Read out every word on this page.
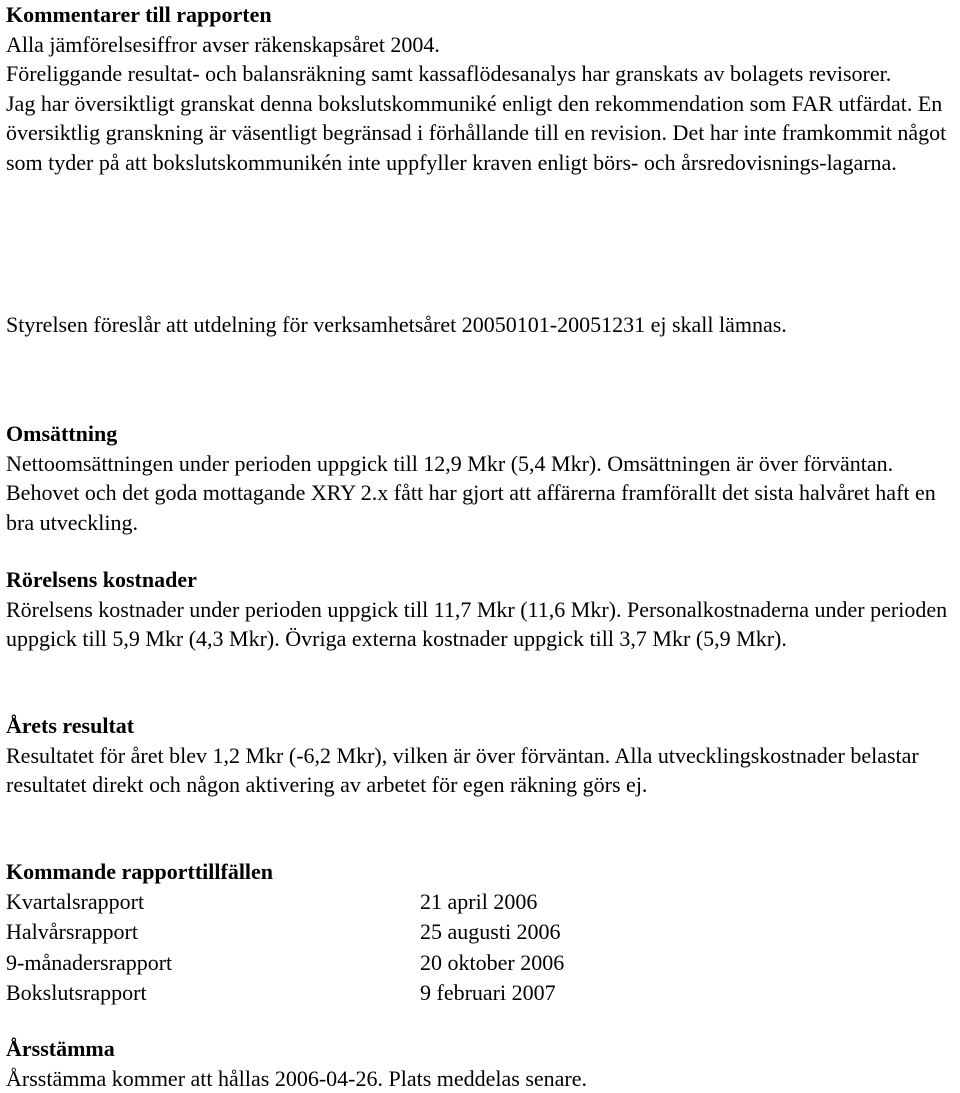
Kommentarer till rapporten
Alla jämförelsesiffror avser räkenskapsåret 2004.
Föreliggande resultat- och balansräkning samt kassaflödesanalys har granskats av bolagets revisorer.
Jag har översiktligt granskat denna bokslutskommuniké enligt den rekommendation som FAR utfärdat. En översiktlig granskning är väsentligt begränsad i förhållande till en revision. Det har inte framkommit något som tyder på att bokslutskommunikén inte uppfyller kraven enligt börs- och årsredovisnings-lagarna.
Styrelsen föreslår att utdelning för verksamhetsåret 20050101-20051231 ej skall lämnas.
Omsättning
Nettoomsättningen under perioden uppgick till 12,9 Mkr (5,4 Mkr). Omsättningen är över förväntan. Behovet och det goda mottagande XRY 2.x fått har gjort att affärerna framförallt det sista halvåret haft en bra utveckling.
Rörelsens kostnader
Rörelsens kostnader under perioden uppgick till 11,7 Mkr (11,6 Mkr). Personalkostnaderna under perioden uppgick till 5,9 Mkr (4,3 Mkr). Övriga externa kostnader uppgick till 3,7 Mkr (5,9 Mkr).
Årets resultat
Resultatet för året blev 1,2 Mkr (-6,2 Mkr), vilken är över förväntan. Alla utvecklingskostnader belastar resultatet direkt och någon aktivering av arbetet för egen räkning görs ej.
Kommande rapporttillfällen
Kvartalsrapport	21 april 2006
Halvårsrapport	25 augusti 2006
9-månadersrapport	20 oktober 2006
Bokslutsrapport	9 februari 2007
Årsstämma
Årsstämma kommer att hållas 2006-04-26. Plats meddelas senare.
